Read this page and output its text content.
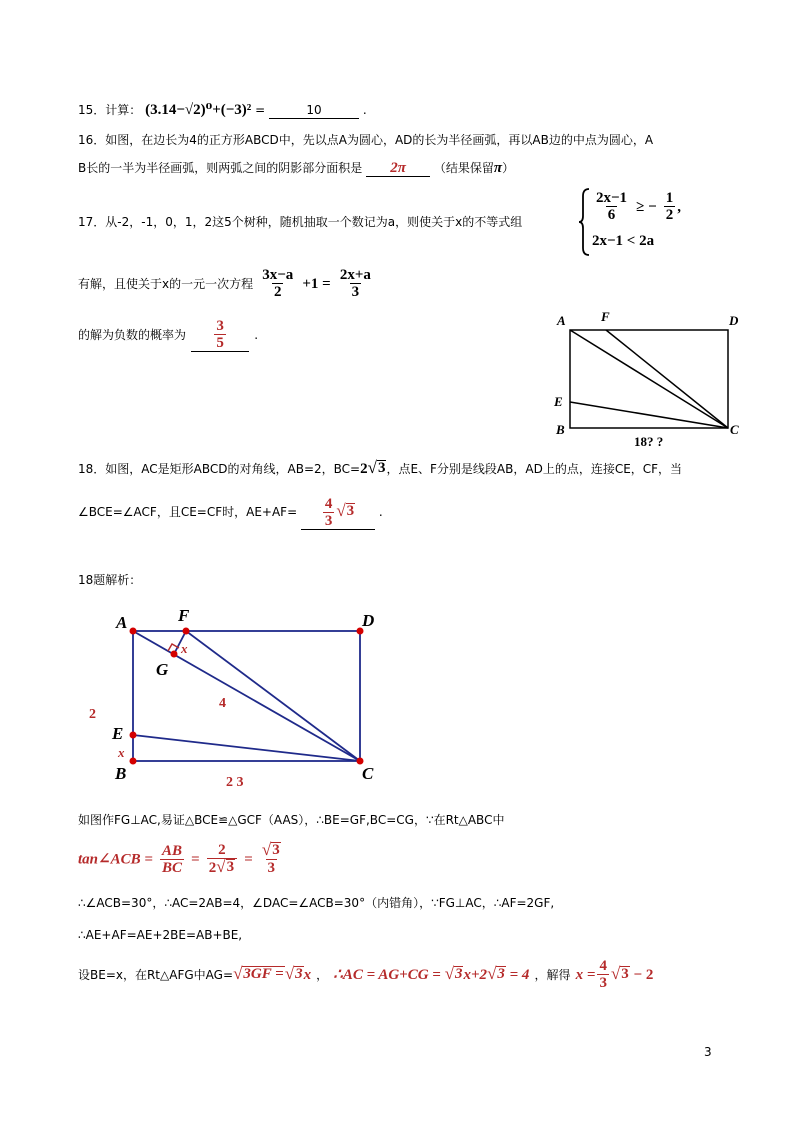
15．计算： (3.14−√2)⁰+(−3)² =	10	.
16．如图，在边长为4的正方形ABCD中，先以点A为圆心，AD的长为半径画弧，再以AB边的中点为圆心，A
B长的一半为半径画弧，则两弧之间的阴影部分面积是 2π （结果保留π）
17．从-2，-1，0，1，2这5个树种，随机抽取一个数记为a，则使关于x的不等式组	$\frac{2x-1}{6}$ ≥ − $\frac{1}{2}$ ,
2x−1 < 2a
有解，且使关于x的一元一次方程 $\frac{3x-a}{2} +1 = \frac{2x+a}{3}$
的解为负数的概率为 $\frac{3}{5}$ .
A	F	D
E
B	C
18? ?
18．如图，AC是矩形ABCD的对角线，AB=2，BC=2 √ 3 ，点E、F分别是线段AB，AD上的点，连接CE，CF，当
∠BCE=∠ACF，且CE=CF时，$AE+AF= \frac{4}{3}$ √ 3 .
18题解析：
A	F	D
G
x
4
2
E
x
B	C
2 3
如图作FG⊥AC,易证△BCE≌△GCF（AAS），∴BE=GF,BC=CG，∵在Rt△ABC中
tan∠ACB = $\frac{AB}{BC} = \frac{2}{2 √ 3} = \frac{√ 3}{3}$
∴∠ACB=30°，∴AC=2AB=4，∠DAC=∠ACB=30°（内错角），∵FG⊥AC，∴AF=2GF,
∴AE+AF=AE+2BE=AB+BE,
设BE=x，在Rt△AFG中AG= √ 3GF = √ 3 x ， ∴AC = AG+CG = √ 3 x+2 √ 3 = 4 ，解得 $x = \frac{4}{3}$ √ 3 − 2
3
